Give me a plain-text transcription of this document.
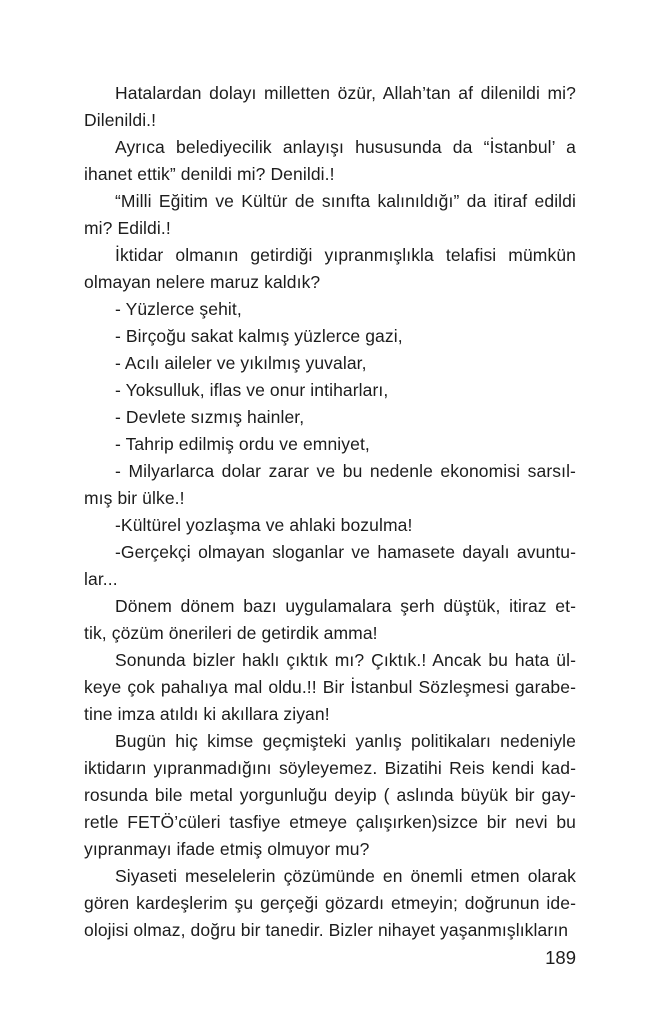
Hatalardan dolayı milletten özür, Allah’tan af dilenildi mi?
Dilenildi.!
Ayrıca belediyecilik anlayışı hususunda da “İstanbul’ a
ihanet ettik” denildi mi? Denildi.!
“Milli Eğitim ve Kültür de sınıfta kalınıldığı” da itiraf edildi
mi? Edildi.!
İktidar olmanın getirdiği yıpranmışlıkla telafisi mümkün
olmayan nelere maruz kaldık?
- Yüzlerce şehit,
- Birçoğu sakat kalmış yüzlerce gazi,
- Acılı aileler ve yıkılmış yuvalar,
- Yoksulluk, iflas ve onur intiharları,
- Devlete sızmış hainler,
- Tahrip edilmiş ordu ve emniyet,
- Milyarlarca dolar zarar ve bu nedenle ekonomisi sarsıl-
mış bir ülke.!
-Kültürel yozlaşma ve ahlaki bozulma!
-Gerçekçi olmayan sloganlar ve hamasete dayalı avuntu-
lar...
Dönem dönem bazı uygulamalara şerh düştük, itiraz et-
tik, çözüm önerileri de getirdik amma!
Sonunda bizler haklı çıktık mı? Çıktık.! Ancak bu hata ül-
keye çok pahalıya mal oldu.!! Bir İstanbul Sözleşmesi garabe-
tine imza atıldı ki akıllara ziyan!
Bugün hiç kimse geçmişteki yanlış politikaları nedeniyle
iktidarın yıpranmadığını söyleyemez. Bizatihi Reis kendi kad-
rosunda bile metal yorgunluğu deyip ( aslında büyük bir gay-
retle FETÖ’cüleri tasfiye etmeye çalışırken)sizce bir nevi bu
yıpranmayı ifade etmiş olmuyor mu?
Siyaseti meselelerin çözümünde en önemli etmen olarak
gören kardeşlerim şu gerçeği gözardı etmeyin; doğrunun ide-
olojisi olmaz, doğru bir tanedir. Bizler nihayet yaşanmışlıkların
189
